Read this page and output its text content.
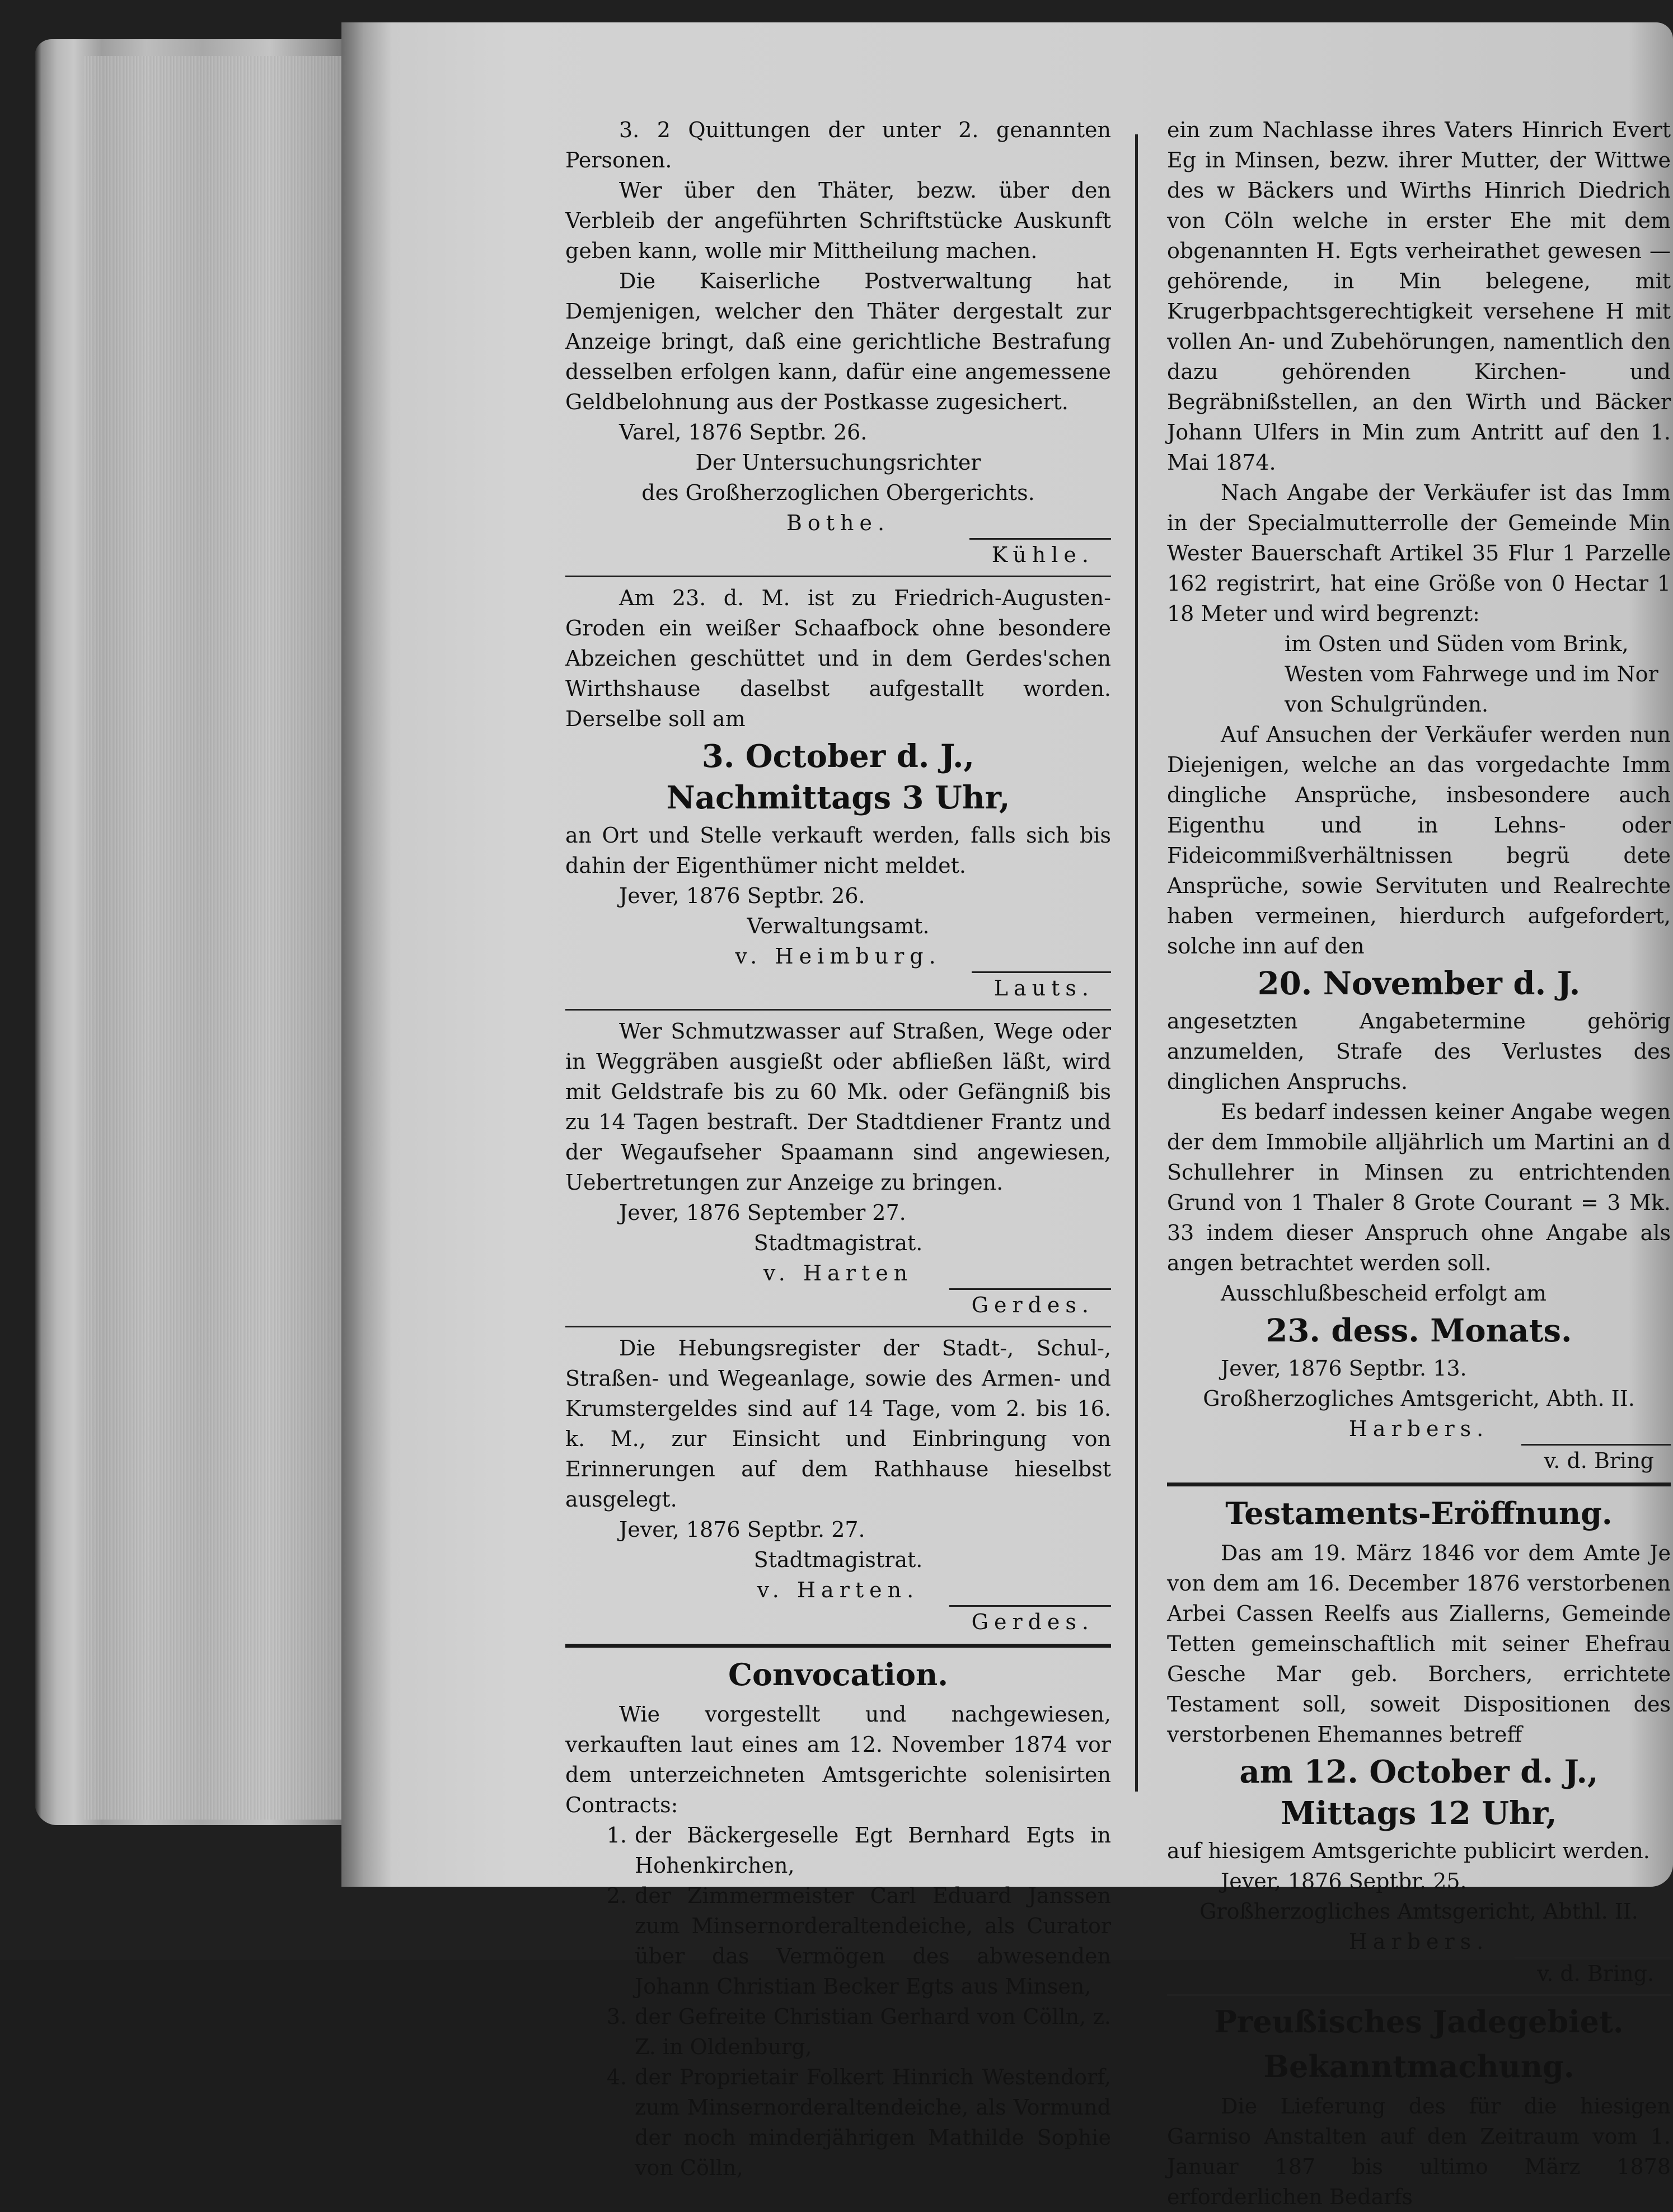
3. 2 Quittungen der unter 2. genannten Personen.

Wer über den Thäter, bezw. über den Verbleib der angeführten Schriftstücke Auskunft geben kann, wolle mir Mittheilung machen.

Die Kaiserliche Postverwaltung hat Demjenigen, welcher den Thäter dergestalt zur Anzeige bringt, daß eine gerichtliche Bestrafung desselben erfolgen kann, dafür eine angemessene Geldbelohnung aus der Postkasse zugesichert.

Varel, 1876 Septbr. 26.

Der Untersuchungsrichter

des Großherzoglichen Obergerichts.

Bothe.

Kühle.

Am 23. d. M. ist zu Friedrich-Augusten-Groden ein weißer Schaafbock ohne besondere Abzeichen geschüttet und in dem Gerdes'schen Wirthshause daselbst aufgestallt worden. Derselbe soll am

3. October d. J.,

Nachmittags 3 Uhr,

an Ort und Stelle verkauft werden, falls sich bis dahin der Eigenthümer nicht meldet.

Jever, 1876 Septbr. 26.

Verwaltungsamt.

v. Heimburg.

Lauts.

Wer Schmutzwasser auf Straßen, Wege oder in Weggräben ausgießt oder abfließen läßt, wird mit Geldstrafe bis zu 60 Mk. oder Gefängniß bis zu 14 Tagen bestraft. Der Stadtdiener Frantz und der Wegaufseher Spaamann sind angewiesen, Uebertretungen zur Anzeige zu bringen.

Jever, 1876 September 27.

Stadtmagistrat.

v. Harten

Gerdes.

Die Hebungsregister der Stadt-, Schul-, Straßen- und Wegeanlage, sowie des Armen- und Krumstergeldes sind auf 14 Tage, vom 2. bis 16. k. M., zur Einsicht und Einbringung von Erinnerungen auf dem Rathhause hieselbst ausgelegt.

Jever, 1876 Septbr. 27.

Stadtmagistrat.

v. Harten.

Gerdes.
Convocation.

Wie vorgestellt und nachgewiesen, verkauften laut eines am 12. November 1874 vor dem unterzeichneten Amtsgerichte solenisirten Contracts:

1. der Bäckergeselle Egt Bernhard Egts in Hohenkirchen,
2. der Zimmermeister Carl Eduard Janssen zum Minsernorderaltendeiche, als Curator über das Vermögen des abwesenden Johann Christian Becker Egts aus Minsen,
3. der Gefreite Christian Gerhard von Cölln, z. Z. in Oldenburg,
4. der Proprietair Folkert Hinrich Westendorf, zum Minsernorderaltendeiche, als Vormund der noch minderjährigen Mathilde Sophie von Cölln,

ein zum Nachlasse ihres Vaters Hinrich Evert Eg in Minsen, bezw. ihrer Mutter, der Wittwe des w Bäckers und Wirths Hinrich Diedrich von Cöln welche in erster Ehe mit dem obgenannten H. Egts verheirathet gewesen — gehörende, in Min belegene, mit Krugerbpachtsgerechtigkeit versehene H mit vollen An- und Zubehörungen, namentlich den dazu gehörenden Kirchen- und Begräbnißstellen, an den Wirth und Bäcker Johann Ulfers in Min zum Antritt auf den 1. Mai 1874.

Nach Angabe der Verkäufer ist das Imm in der Specialmutterrolle der Gemeinde Min Wester Bauerschaft Artikel 35 Flur 1 Parzelle 162 registrirt, hat eine Größe von 0 Hectar 1 18 Meter und wird begrenzt:

im Osten und Süden vom Brink,

Westen vom Fahrwege und im Nor

von Schulgründen.

Auf Ansuchen der Verkäufer werden nun Diejenigen, welche an das vorgedachte Imm dingliche Ansprüche, insbesondere auch Eigenthu und in Lehns- oder Fideicommißverhältnissen begrü dete Ansprüche, sowie Servituten und Realrechte haben vermeinen, hierdurch aufgefordert, solche inn auf den

20. November d. J.

angesetzten Angabetermine gehörig anzumelden, Strafe des Verlustes des dinglichen Anspruchs.

Es bedarf indessen keiner Angabe wegen der dem Immobile alljährlich um Martini an d Schullehrer in Minsen zu entrichtenden Grund von 1 Thaler 8 Grote Courant = 3 Mk. 33 indem dieser Anspruch ohne Angabe als angen betrachtet werden soll.

Ausschlußbescheid erfolgt am

23. dess. Monats.

Jever, 1876 Septbr. 13.

Großherzogliches Amtsgericht, Abth. II.

Harbers.

v. d. Bring
Testaments-Eröffnung.

Das am 19. März 1846 vor dem Amte Je von dem am 16. December 1876 verstorbenen Arbei Cassen Reelfs aus Ziallerns, Gemeinde Tetten gemeinschaftlich mit seiner Ehefrau Gesche Mar geb. Borchers, errichtete Testament soll, soweit Dispositionen des verstorbenen Ehemannes betreff

am 12. October d. J.,

Mittags 12 Uhr,

auf hiesigem Amtsgerichte publicirt werden.

Jever, 1876 Septbr. 25.

Großherzogliches Amtsgericht, Abthl. II.

Harbers.

v. d. Bring.
Preußisches Jadegebiet.
Bekanntmachung.

Die Lieferung des für die hiesigen Garniso Anstalten auf den Zeitraum vom 1. Januar 187 bis ultimo März 1878 erforderlichen Bedarfs
